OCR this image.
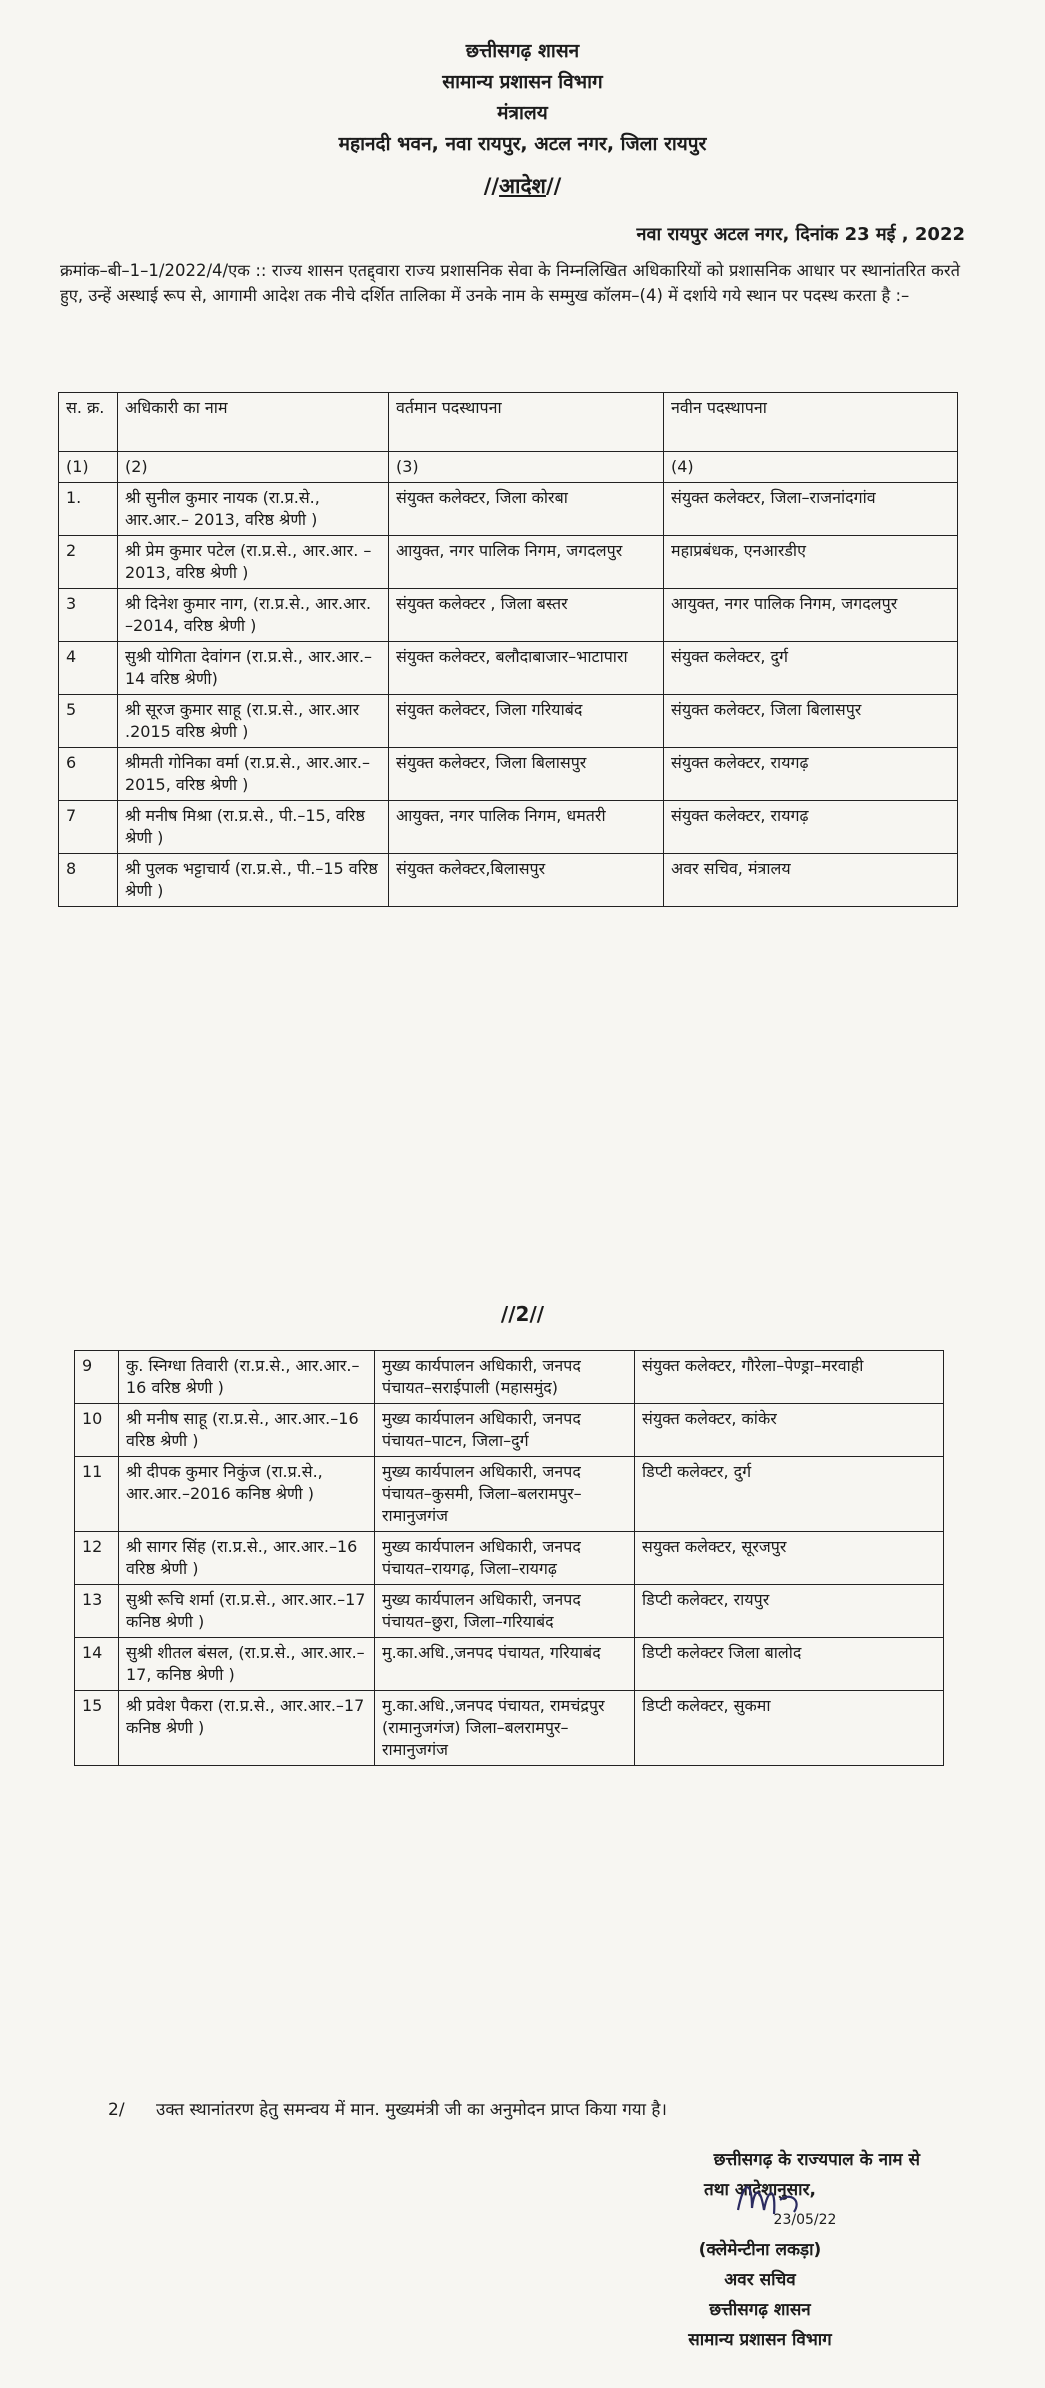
छत्तीसगढ़ शासन
सामान्य प्रशासन विभाग
मंत्रालय
महानदी भवन, नवा रायपुर, अटल नगर, जिला रायपुर
//आदेश//
नवा रायपुर अटल नगर, दिनांक 23 मई , 2022
क्रमांक–बी–1–1/2022/4/एक :: राज्य शासन एतद्द्वारा राज्य प्रशासनिक सेवा के निम्नलिखित अधिकारियों को प्रशासनिक आधार पर स्थानांतरित करते हुए, उन्हें अस्थाई रूप से, आगामी आदेश तक नीचे दर्शित तालिका में उनके नाम के सम्मुख कॉलम–(4) में दर्शाये गये स्थान पर पदस्थ करता है :–
स. क्र.	अधिकारी का नाम	वर्तमान पदस्थापना	नवीन पदस्थापना
(1)	(2)	(3)	(4)
1.	श्री सुनील कुमार नायक (रा.प्र.से., आर.आर.– 2013, वरिष्ठ श्रेणी )	संयुक्त कलेक्टर, जिला कोरबा	संयुक्त कलेक्टर, जिला–राजनांदगांव
2	श्री प्रेम कुमार पटेल (रा.प्र.से., आर.आर. –2013, वरिष्ठ श्रेणी )	आयुक्त, नगर पालिक निगम, जगदलपुर	महाप्रबंधक, एनआरडीए
3	श्री दिनेश कुमार नाग, (रा.प्र.से., आर.आर. –2014, वरिष्ठ श्रेणी )	संयुक्त कलेक्टर , जिला बस्तर	आयुक्त, नगर पालिक निगम, जगदलपुर
4	सुश्री योगिता देवांगन (रा.प्र.से., आर.आर.– 14 वरिष्ठ श्रेणी)	संयुक्त कलेक्टर, बलौदाबाजार–भाटापारा	संयुक्त कलेक्टर, दुर्ग
5	श्री सूरज कुमार साहू (रा.प्र.से., आर.आर .2015 वरिष्ठ श्रेणी )	संयुक्त कलेक्टर, जिला गरियाबंद	संयुक्त कलेक्टर, जिला बिलासपुर
6	श्रीमती गोनिका वर्मा (रा.प्र.से., आर.आर.–2015, वरिष्ठ श्रेणी )	संयुक्त कलेक्टर, जिला बिलासपुर	संयुक्त कलेक्टर, रायगढ़
7	श्री मनीष मिश्रा (रा.प्र.से., पी.–15, वरिष्ठ श्रेणी )	आयुक्त, नगर पालिक निगम, धमतरी	संयुक्त कलेक्टर, रायगढ़
8	श्री पुलक भट्टाचार्य (रा.प्र.से., पी.–15 वरिष्ठ श्रेणी )	संयुक्त कलेक्टर,बिलासपुर	अवर सचिव, मंत्रालय
//2//
9	कु. स्निग्धा तिवारी (रा.प्र.से., आर.आर.–16 वरिष्ठ श्रेणी )	मुख्य कार्यपालन अधिकारी, जनपद पंचायत–सराईपाली (महासमुंद)	संयुक्त कलेक्टर, गौरेला–पेण्ड्रा–मरवाही
10	श्री मनीष साहू (रा.प्र.से., आर.आर.–16 वरिष्ठ श्रेणी )	मुख्य कार्यपालन अधिकारी, जनपद पंचायत–पाटन, जिला–दुर्ग	संयुक्त कलेक्टर, कांकेर
11	श्री दीपक कुमार निकुंज (रा.प्र.से., आर.आर.–2016 कनिष्ठ श्रेणी )	मुख्य कार्यपालन अधिकारी, जनपद पंचायत–कुसमी, जिला–बलरामपुर–रामानुजगंज	डिप्टी कलेक्टर, दुर्ग
12	श्री सागर सिंह (रा.प्र.से., आर.आर.–16 वरिष्ठ श्रेणी )	मुख्य कार्यपालन अधिकारी, जनपद पंचायत–रायगढ़, जिला–रायगढ़	सयुक्त कलेक्टर, सूरजपुर
13	सुश्री रूचि शर्मा (रा.प्र.से., आर.आर.–17 कनिष्ठ श्रेणी )	मुख्य कार्यपालन अधिकारी, जनपद पंचायत–छुरा, जिला–गरियाबंद	डिप्टी कलेक्टर, रायपुर
14	सुश्री शीतल बंसल, (रा.प्र.से., आर.आर.– 17, कनिष्ठ श्रेणी )	मु.का.अधि.,जनपद पंचायत, गरियाबंद	डिप्टी कलेक्टर जिला बालोद
15	श्री प्रवेश पैकरा (रा.प्र.से., आर.आर.–17 कनिष्ठ श्रेणी )	मु.का.अधि.,जनपद पंचायत, रामचंद्रपुर (रामानुजगंज) जिला–बलरामपुर–रामानुजगंज	डिप्टी कलेक्टर, सुकमा
2/ उक्त स्थानांतरण हेतु समन्वय में मान. मुख्यमंत्री जी का अनुमोदन प्राप्त किया गया है।
छत्तीसगढ़ के राज्यपाल के नाम से
तथा आदेशानुसार,
23/05/22
(क्लेमेन्टीना लकड़ा)
अवर सचिव
छत्तीसगढ़ शासन
सामान्य प्रशासन विभाग
